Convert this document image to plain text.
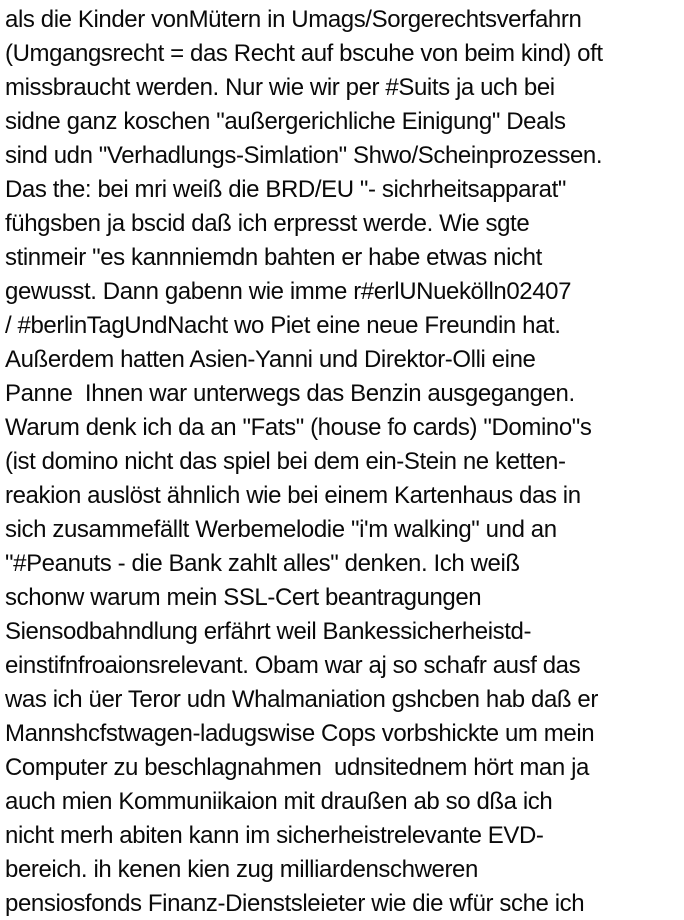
als die Kinder vonMütern in Umags/Sorgerechtsverfahrn
(Umgangsrecht = das Recht auf bscuhe von beim kind) oft
missbraucht werden. Nur wie wir per #Suits ja uch bei
sidne ganz koschen "außergerichliche Einigung" Deals
sind udn "Verhadlungs-Simlation" Shwo/Scheinprozessen.
Das the: bei mri weiß die BRD/EU "- sichrheitsapparat"
fühgsben ja bscid daß ich erpresst werde. Wie sgte
stinmeir "es kannniemdn bahten er habe etwas nicht
gewusst. Dann gabenn wie imme r#erlUNuekölln02407
/ #berlinTagUndNacht wo Piet eine neue Freundin hat.
Außerdem hatten Asien-Yanni und Direktor-Olli eine
Panne  Ihnen war unterwegs das Benzin ausgegangen.
Warum denk ich da an "Fats" (house fo cards) "Domino"s
(ist domino nicht das spiel bei dem ein-Stein ne ketten-
reakion auslöst ähnlich wie bei einem Kartenhaus das in
sich zusammefällt Werbemelodie "i'm walking" und an
"#Peanuts - die Bank zahlt alles" denken. Ich weiß
schonw warum mein SSL-Cert beantragungen
Siensodbahndlung erfährt weil Bankessicherheistd-
einstifnfroaionsrelevant. Obam war aj so schafr ausf das
was ich üer Teror udn Whalmaniation gshcben hab daß er
Mannshcfstwagen-ladugswise Cops vorbshickte um mein
Computer zu beschlagnahmen  udnsitednem hört man ja
auch mien Kommuniikaion mit draußen ab so dßa ich
nicht merh abiten kann im sicherheistrelevante EVD-
bereich. ih kenen kien zug milliardenschweren
pensiosfonds Finanz-Dienstsleieter wie die wfür sche ich
